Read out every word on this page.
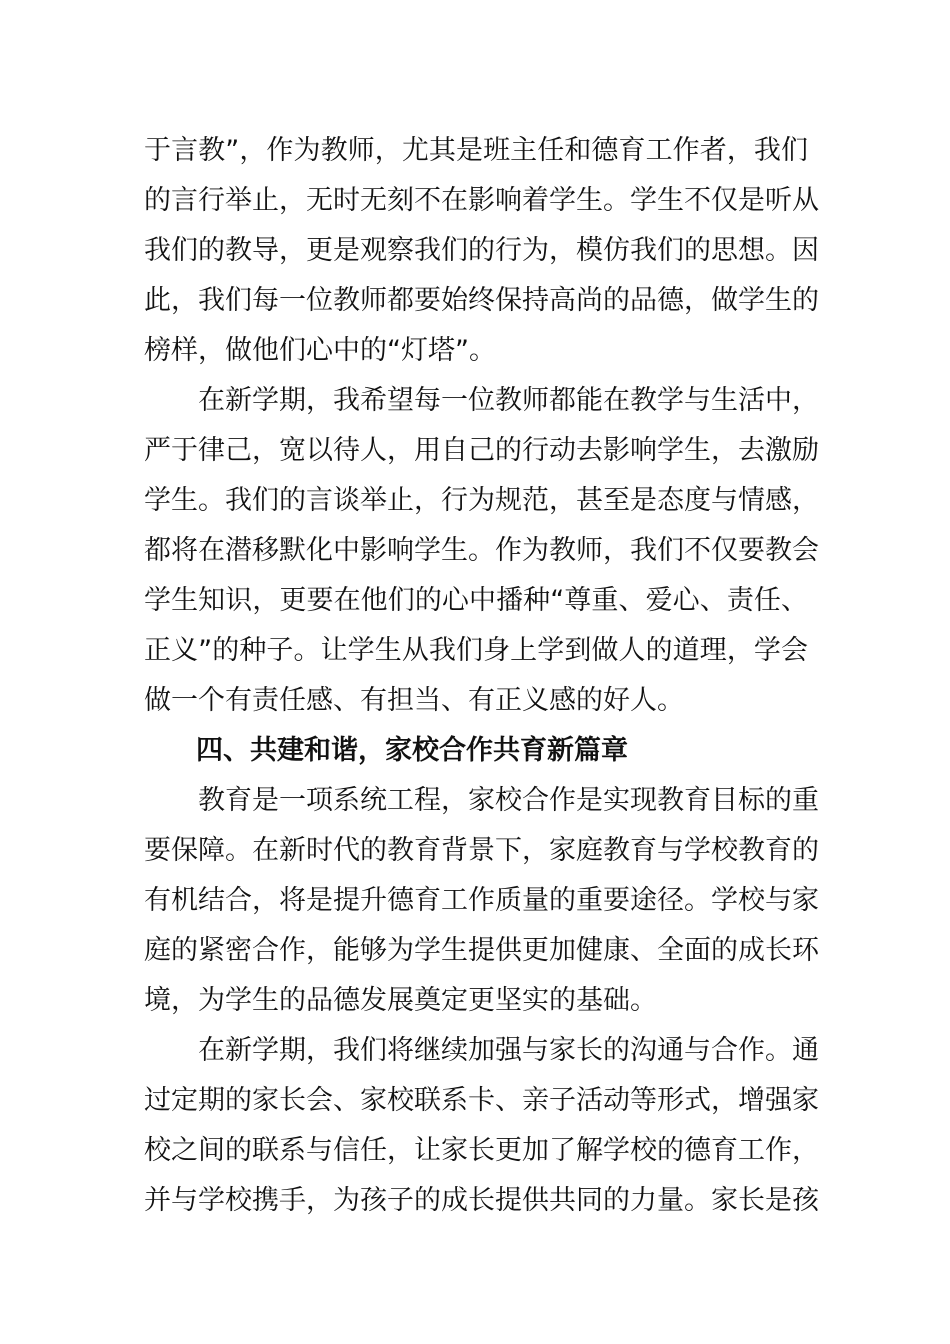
于言教”，作为教师，尤其是班主任和德育工作者，我们
的言行举止，无时无刻不在影响着学生。学生不仅是听从
我们的教导，更是观察我们的行为，模仿我们的思想。因
此，我们每一位教师都要始终保持高尚的品德，做学生的
榜样，做他们心中的“灯塔”。
在新学期，我希望每一位教师都能在教学与生活中，
严于律己，宽以待人，用自己的行动去影响学生，去激励
学生。我们的言谈举止，行为规范，甚至是态度与情感，
都将在潜移默化中影响学生。作为教师，我们不仅要教会
学生知识，更要在他们的心中播种“尊重、爱心、责任、
正义”的种子。让学生从我们身上学到做人的道理，学会
做一个有责任感、有担当、有正义感的好人。
四、共建和谐，家校合作共育新篇章
教育是一项系统工程，家校合作是实现教育目标的重
要保障。在新时代的教育背景下，家庭教育与学校教育的
有机结合，将是提升德育工作质量的重要途径。学校与家
庭的紧密合作，能够为学生提供更加健康、全面的成长环
境，为学生的品德发展奠定更坚实的基础。
在新学期，我们将继续加强与家长的沟通与合作。通
过定期的家长会、家校联系卡、亲子活动等形式，增强家
校之间的联系与信任，让家长更加了解学校的德育工作，
并与学校携手，为孩子的成长提供共同的力量。家长是孩
